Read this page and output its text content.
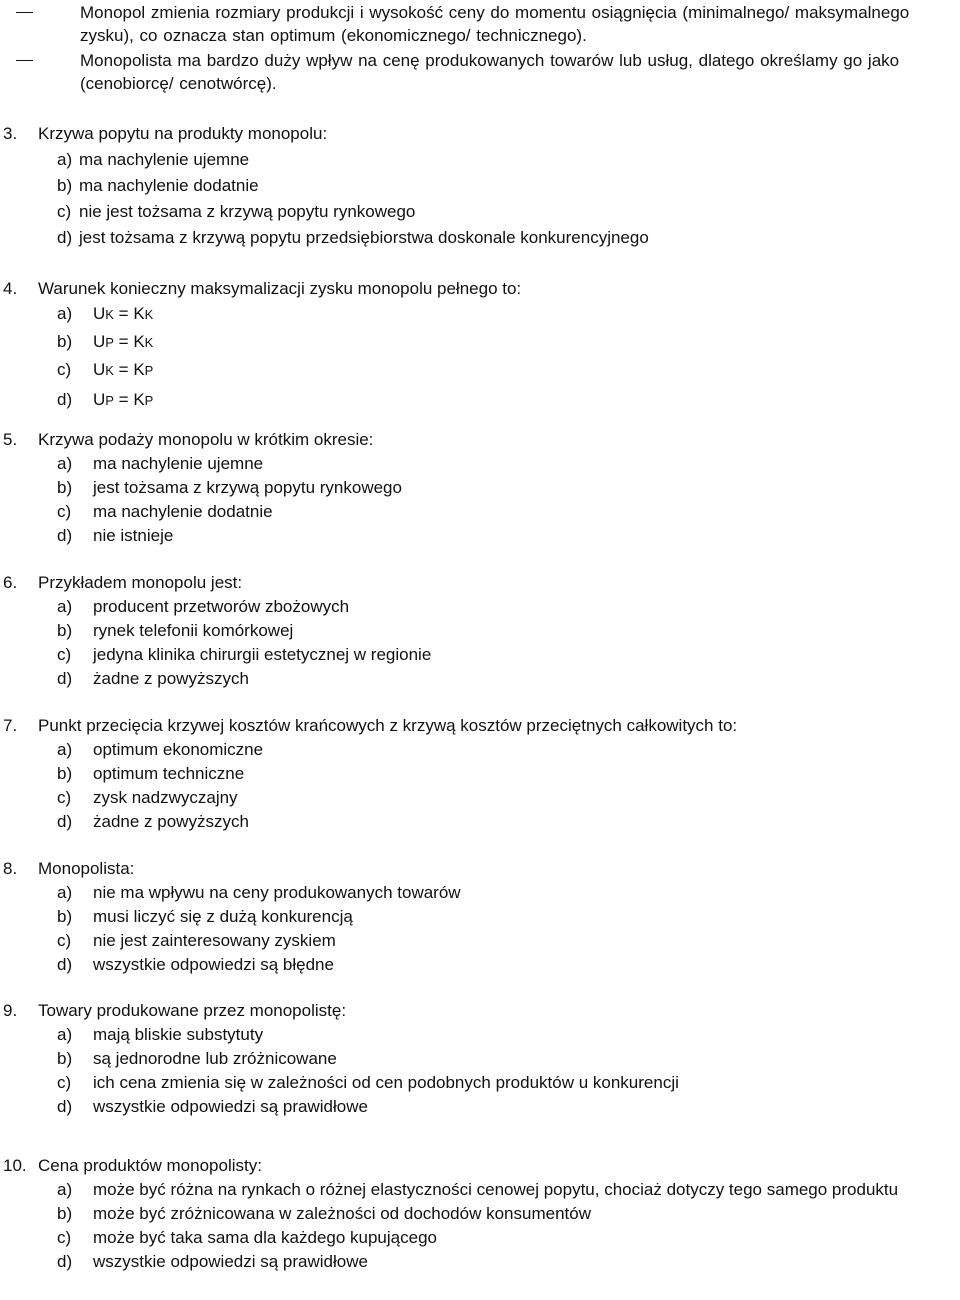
Monopol zmienia rozmiary produkcji i wysokość ceny do momentu osiągnięcia (minimalnego/ maksymalnego zysku), co oznacza stan optimum (ekonomicznego/ technicznego).
Monopolista ma bardzo duży wpływ na cenę produkowanych towarów lub usług, dlatego określamy go jako (cenobiorcę/ cenotwórcę).
3. Krzywa popytu na produkty monopolu:
a) ma nachylenie ujemne
b) ma nachylenie dodatnie
c) nie jest tożsama z krzywą popytu rynkowego
d) jest tożsama z krzywą popytu przedsiębiorstwa doskonale konkurencyjnego
4. Warunek konieczny maksymalizacji zysku monopolu pełnego to:
a) UK = KK
b) UP = KK
c) UK = KP
d) UP = KP
5. Krzywa podaży monopolu w krótkim okresie:
a) ma nachylenie ujemne
b) jest tożsama z krzywą popytu rynkowego
c) ma nachylenie dodatnie
d) nie istnieje
6. Przykładem monopolu jest:
a) producent przetworów zbożowych
b) rynek telefonii komórkowej
c) jedyna klinika chirurgii estetycznej w regionie
d) żadne z powyższych
7. Punkt przecięcia krzywej kosztów krańcowych z krzywą kosztów przeciętnych całkowitych to:
a) optimum ekonomiczne
b) optimum techniczne
c) zysk nadzwyczajny
d) żadne z powyższych
8. Monopolista:
a) nie ma wpływu na ceny produkowanych towarów
b) musi liczyć się z dużą konkurencją
c) nie jest zainteresowany zyskiem
d) wszystkie odpowiedzi są błędne
9. Towary produkowane przez monopolistę:
a) mają bliskie substytuty
b) są jednorodne lub zróżnicowane
c) ich cena zmienia się w zależności od cen podobnych produktów u konkurencji
d) wszystkie odpowiedzi są prawidłowe
10. Cena produktów monopolisty:
a) może być różna na rynkach o różnej elastyczności cenowej popytu, chociaż dotyczy tego samego produktu
b) może być zróżnicowana w zależności od dochodów konsumentów
c) może być taka sama dla każdego kupującego
d) wszystkie odpowiedzi są prawidłowe
